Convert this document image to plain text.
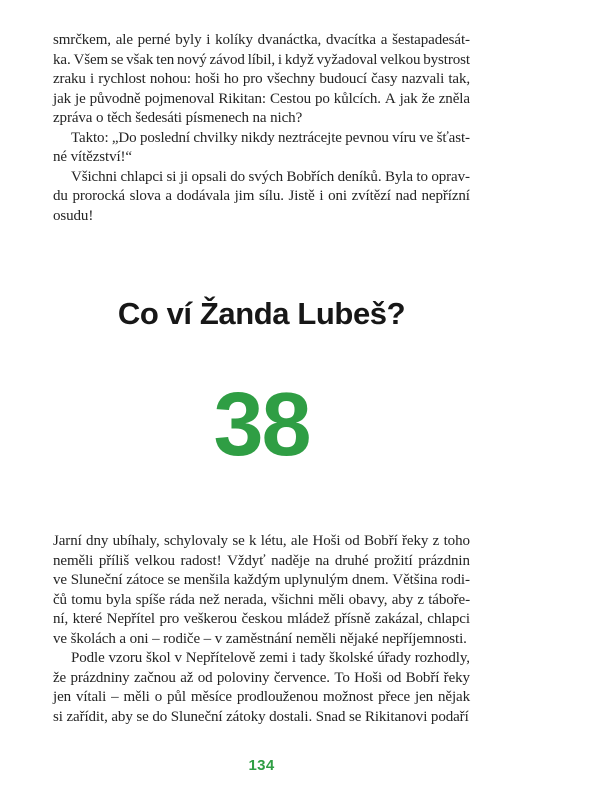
smrčkem, ale perné byly i kolíky dvanáctka, dvacítka a šestapadesát-
ka. Všem se však ten nový závod líbil, i když vyžadoval velkou bystrost
zraku i rychlost nohou: hoši ho pro všechny budoucí časy nazvali tak,
jak je původně pojmenoval Rikitan: Cestou po kůlcích. A jak že zněla
zpráva o těch šedesáti písmenech na nich?
Takto: „Do poslední chvilky nikdy neztrácejte pevnou víru ve šťast-
né vítězství!“
Všichni chlapci si ji opsali do svých Bobřích deníků. Byla to oprav-
du prorocká slova a dodávala jim sílu. Jistě i oni zvítězí nad nepřízní
osudu!
Co ví Žanda Lubeš?
38
Jarní dny ubíhaly, schylovaly se k létu, ale Hoši od Bobří řeky z toho
neměli příliš velkou radost! Vždyť naděje na druhé prožití prázdnin
ve Sluneční zátoce se menšila každým uplynulým dnem. Většina rodi-
čů tomu byla spíše ráda než nerada, všichni měli obavy, aby z táboře-
ní, které Nepřítel pro veškerou českou mládež přísně zakázal, chlapci
ve školách a oni – rodiče – v zaměstnání neměli nějaké nepříjemnosti.
Podle vzoru škol v Nepřítelově zemi i tady školské úřady rozhodly,
že prázdniny začnou až od poloviny července. To Hoši od Bobří řeky
jen vítali – měli o půl měsíce prodlouženou možnost přece jen nějak
si zařídit, aby se do Sluneční zátoky dostali. Snad se Rikitanovi podaří
134
